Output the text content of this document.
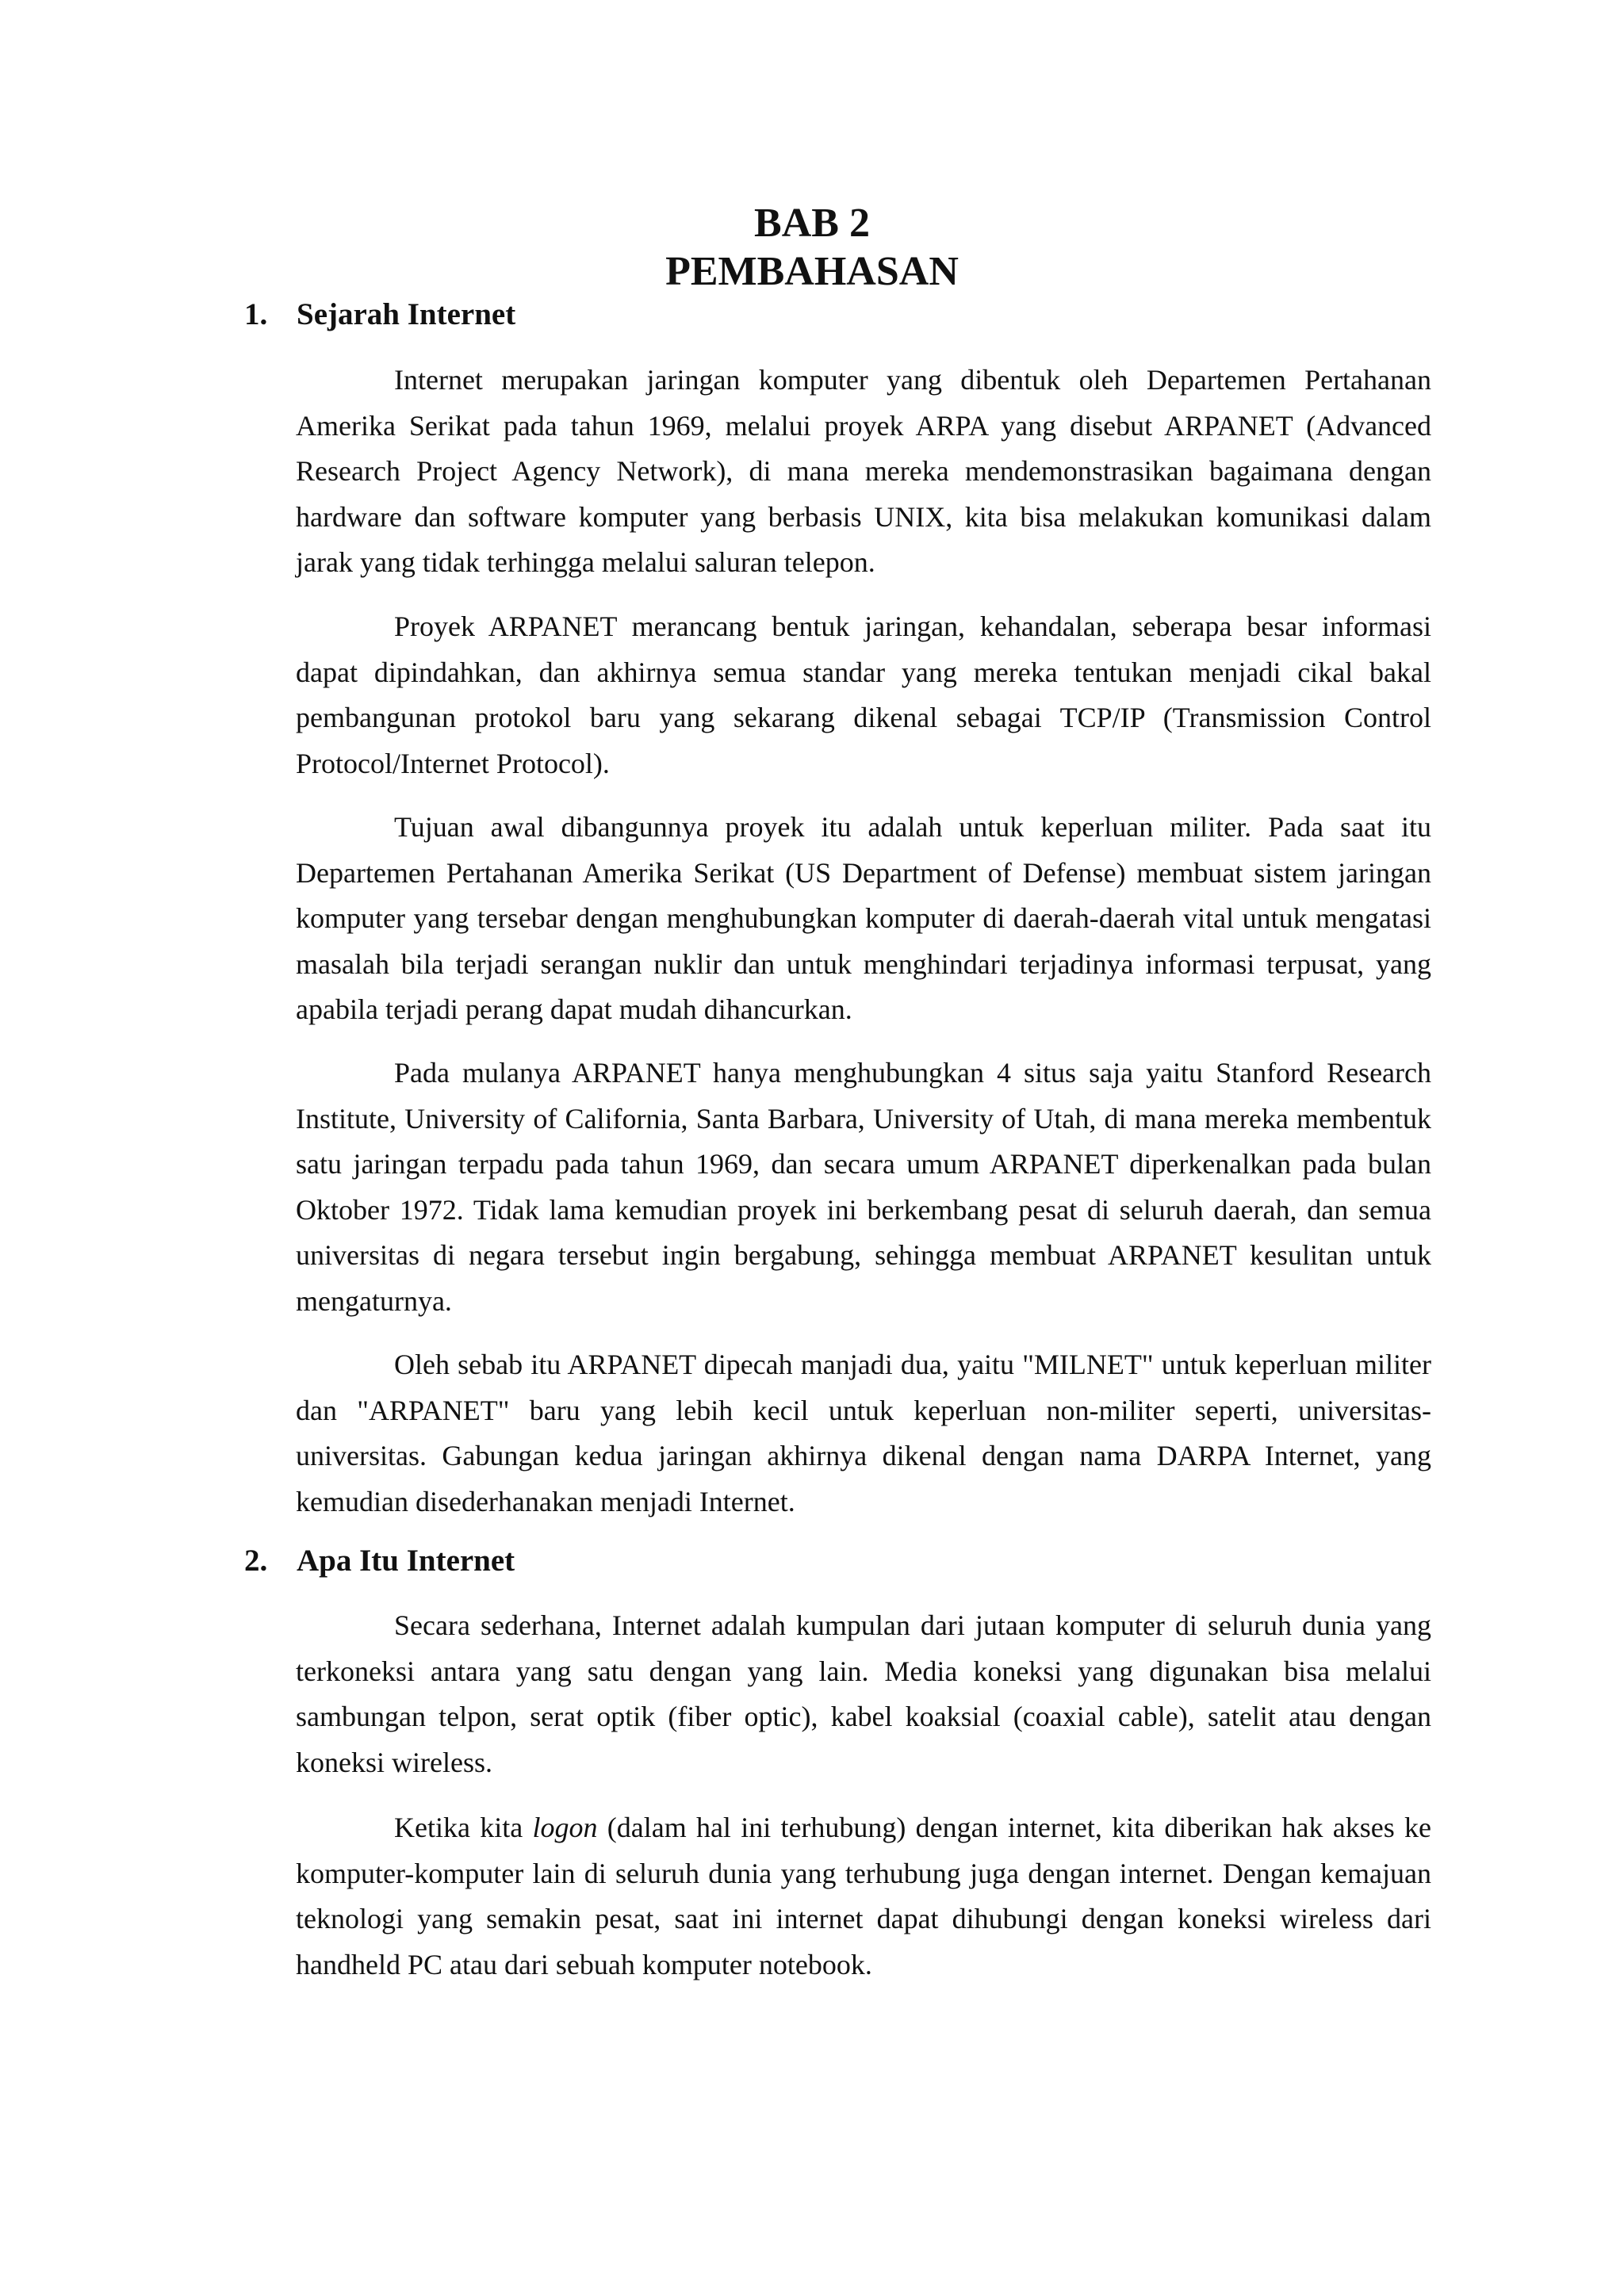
BAB 2
PEMBAHASAN
1. Sejarah Internet

Internet merupakan jaringan komputer yang dibentuk oleh Departemen Pertahanan Amerika Serikat pada tahun 1969, melalui proyek ARPA yang disebut ARPANET (Advanced Research Project Agency Network), di mana mereka mendemonstrasikan bagaimana dengan hardware dan software komputer yang berbasis UNIX, kita bisa melakukan komunikasi dalam jarak yang tidak terhingga melalui saluran telepon.

Proyek ARPANET merancang bentuk jaringan, kehandalan, seberapa besar informasi dapat dipindahkan, dan akhirnya semua standar yang mereka tentukan menjadi cikal bakal pembangunan protokol baru yang sekarang dikenal sebagai TCP/IP (Transmission Control Protocol/Internet Protocol).

Tujuan awal dibangunnya proyek itu adalah untuk keperluan militer. Pada saat itu Departemen Pertahanan Amerika Serikat (US Department of Defense) membuat sistem jaringan komputer yang tersebar dengan menghubungkan komputer di daerah-daerah vital untuk mengatasi masalah bila terjadi serangan nuklir dan untuk menghindari terjadinya informasi terpusat, yang apabila terjadi perang dapat mudah dihancurkan.

Pada mulanya ARPANET hanya menghubungkan 4 situs saja yaitu Stanford Research Institute, University of California, Santa Barbara, University of Utah, di mana mereka membentuk satu jaringan terpadu pada tahun 1969, dan secara umum ARPANET diperkenalkan pada bulan Oktober 1972. Tidak lama kemudian proyek ini berkembang pesat di seluruh daerah, dan semua universitas di negara tersebut ingin bergabung, sehingga membuat ARPANET kesulitan untuk mengaturnya.

Oleh sebab itu ARPANET dipecah manjadi dua, yaitu "MILNET" untuk keperluan militer dan "ARPANET" baru yang lebih kecil untuk keperluan non-militer seperti, universitas-universitas. Gabungan kedua jaringan akhirnya dikenal dengan nama DARPA Internet, yang kemudian disederhanakan menjadi Internet.

2. Apa Itu Internet

Secara sederhana, Internet adalah kumpulan dari jutaan komputer di seluruh dunia yang terkoneksi antara yang satu dengan yang lain. Media koneksi yang digunakan bisa melalui sambungan telpon, serat optik (fiber optic), kabel koaksial (coaxial cable), satelit atau dengan koneksi wireless.

Ketika kita logon (dalam hal ini terhubung) dengan internet, kita diberikan hak akses ke komputer-komputer lain di seluruh dunia yang terhubung juga dengan internet. Dengan kemajuan teknologi yang semakin pesat, saat ini internet dapat dihubungi dengan koneksi wireless dari handheld PC atau dari sebuah komputer notebook.
